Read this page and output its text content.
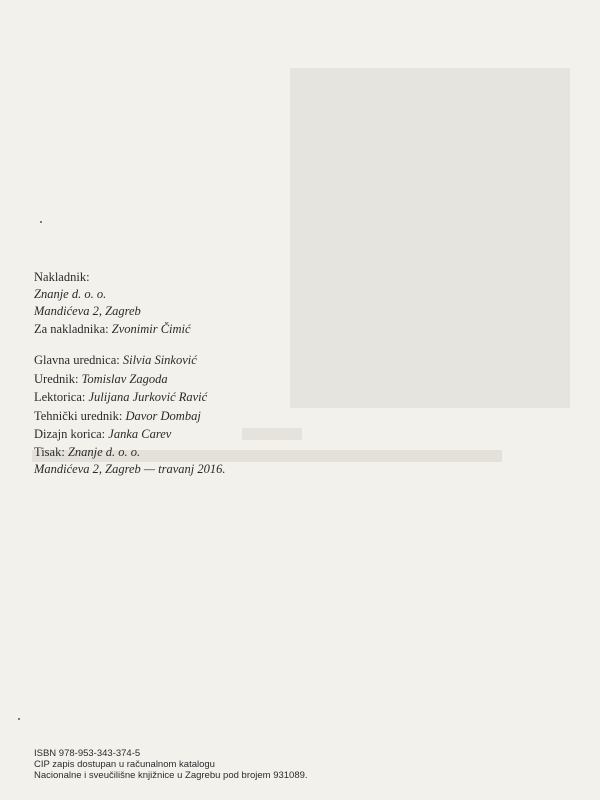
Nakladnik:
Znanje d. o. o.
Mandićeva 2, Zagreb
Za nakladnika: Zvonimir Čimić
Glavna urednica: Silvia Sinković
Urednik: Tomislav Zagoda
Lektorica: Julijana Jurković Ravić
Tehnički urednik: Davor Dombaj
Dizajn korica: Janka Carev
Tisak: Znanje d. o. o.
Mandićeva 2, Zagreb — travanj 2016.
ISBN 978-953-343-374-5
CIP zapis dostupan u računalnom katalogu
Nacionalne i sveučilišne knjižnice u Zagrebu pod brojem 931089.
